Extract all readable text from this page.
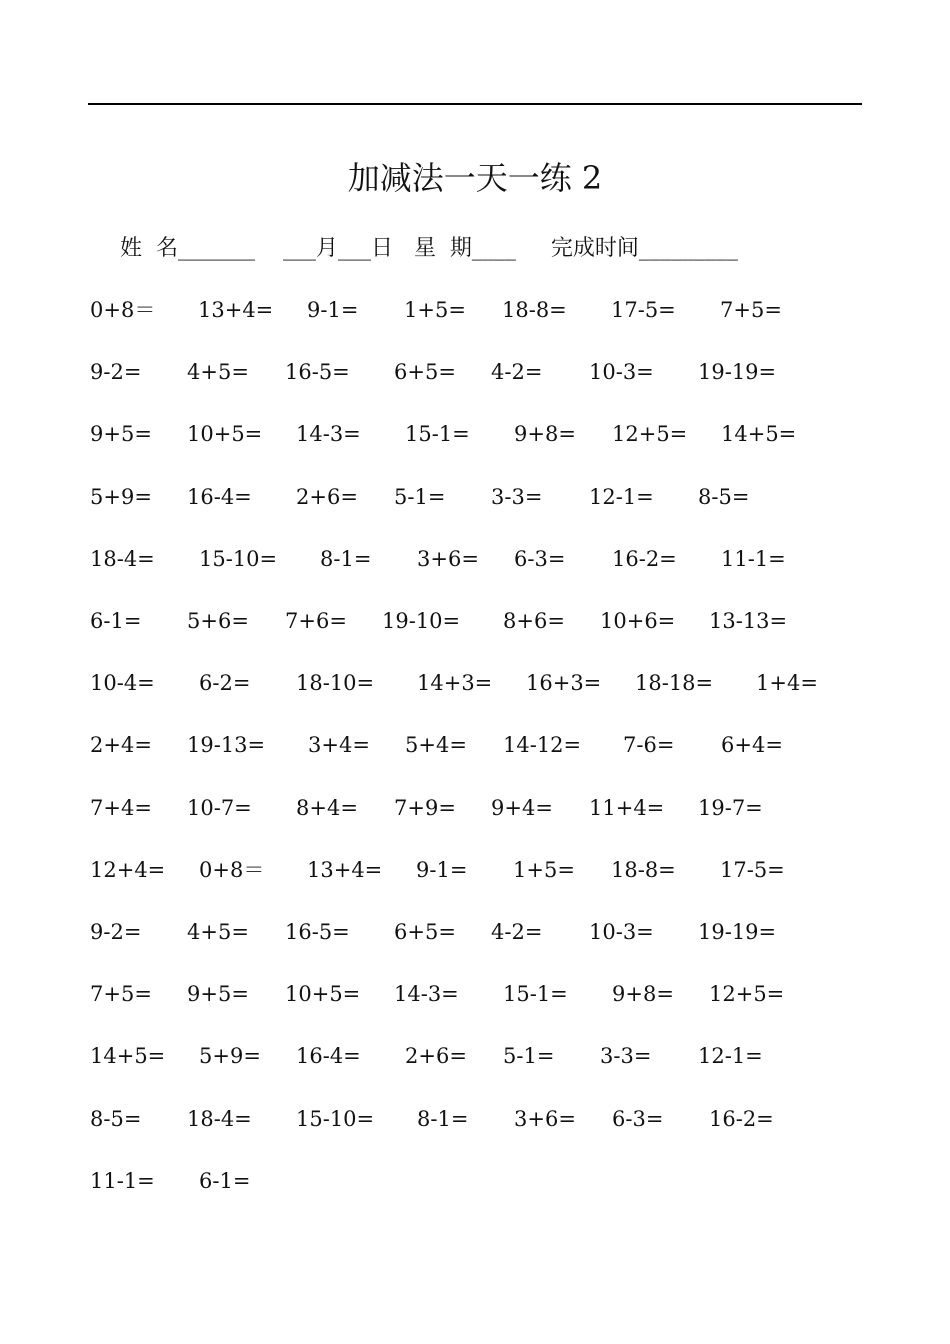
加减法一天一练 2
姓  名_______    ___月___日   星  期____     完成时间_________
0+8＝ 13+4= 9-1= 1+5= 18-8= 17-5= 7+5=
9-2= 4+5= 16-5= 6+5= 4-2= 10-3= 19-19=
9+5= 10+5= 14-3= 15-1= 9+8= 12+5= 14+5=
5+9= 16-4= 2+6= 5-1= 3-3= 12-1= 8-5=
18-4= 15-10= 8-1= 3+6= 6-3= 16-2= 11-1=
6-1= 5+6= 7+6= 19-10= 8+6= 10+6= 13-13=
10-4= 6-2= 18-10= 14+3= 16+3= 18-18= 1+4=
2+4= 19-13= 3+4= 5+4= 14-12= 7-6= 6+4=
7+4= 10-7= 8+4= 7+9= 9+4= 11+4= 19-7=
12+4= 0+8＝ 13+4= 9-1= 1+5= 18-8= 17-5=
9-2= 4+5= 16-5= 6+5= 4-2= 10-3= 19-19=
7+5= 9+5= 10+5= 14-3= 15-1= 9+8= 12+5=
14+5= 5+9= 16-4= 2+6= 5-1= 3-3= 12-1=
8-5= 18-4= 15-10= 8-1= 3+6= 6-3= 16-2=
11-1= 6-1=
